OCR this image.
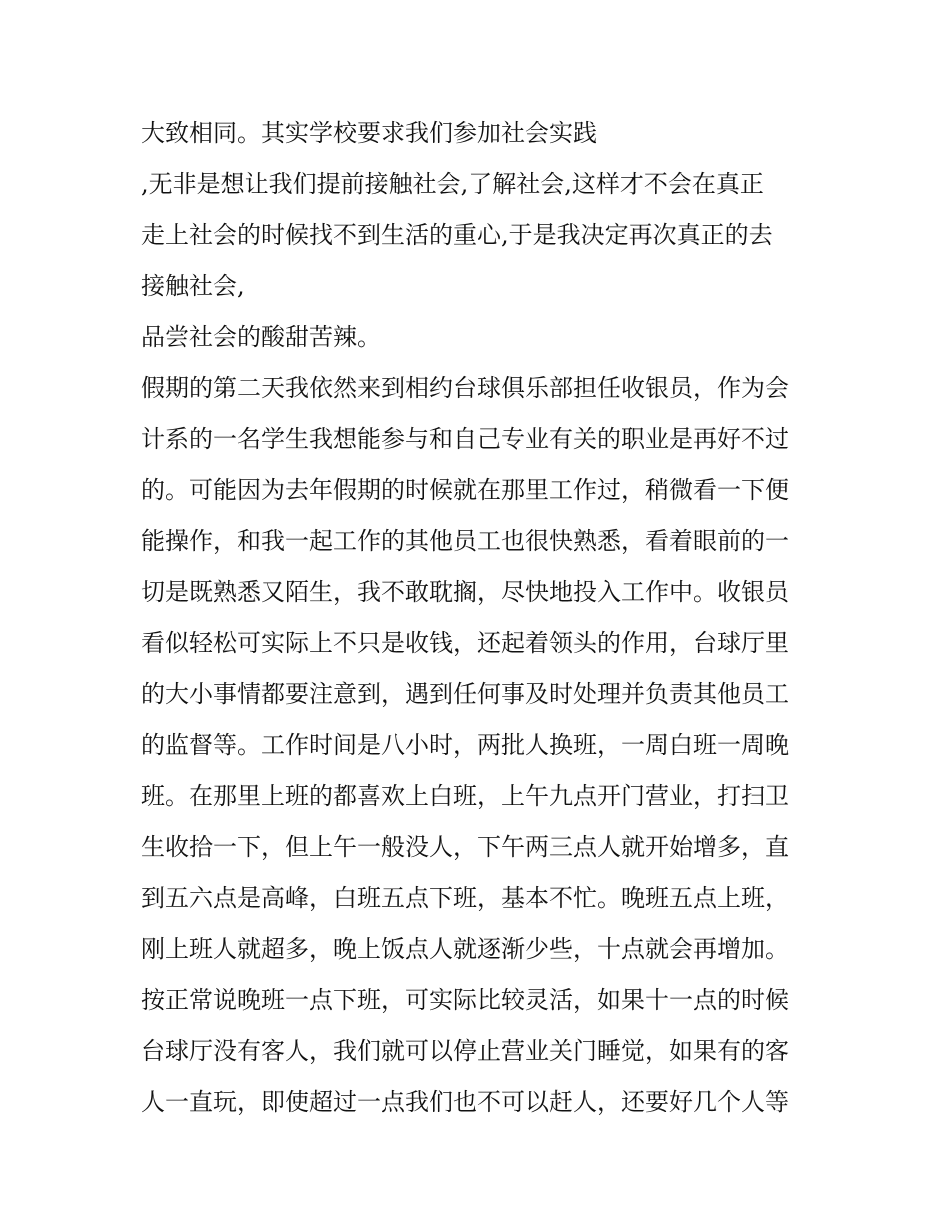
大致相同。其实学校要求我们参加社会实践
,无非是想让我们提前接触社会,了解社会,这样才不会在真正
走上社会的时候找不到生活的重心,于是我决定再次真正的去
接触社会,
品尝社会的酸甜苦辣。
假期的第二天我依然来到相约台球俱乐部担任收银员，作为会
计系的一名学生我想能参与和自己专业有关的职业是再好不过
的。可能因为去年假期的时候就在那里工作过，稍微看一下便
能操作，和我一起工作的其他员工也很快熟悉，看着眼前的一
切是既熟悉又陌生，我不敢耽搁，尽快地投入工作中。收银员
看似轻松可实际上不只是收钱，还起着领头的作用，台球厅里
的大小事情都要注意到，遇到任何事及时处理并负责其他员工
的监督等。工作时间是八小时，两批人换班，一周白班一周晚
班。在那里上班的都喜欢上白班，上午九点开门营业，打扫卫
生收拾一下，但上午一般没人，下午两三点人就开始增多，直
到五六点是高峰，白班五点下班，基本不忙。晚班五点上班，
刚上班人就超多，晚上饭点人就逐渐少些，十点就会再增加。
按正常说晚班一点下班，可实际比较灵活，如果十一点的时候
台球厅没有客人，我们就可以停止营业关门睡觉，如果有的客
人一直玩，即使超过一点我们也不可以赶人，还要好几个人等
